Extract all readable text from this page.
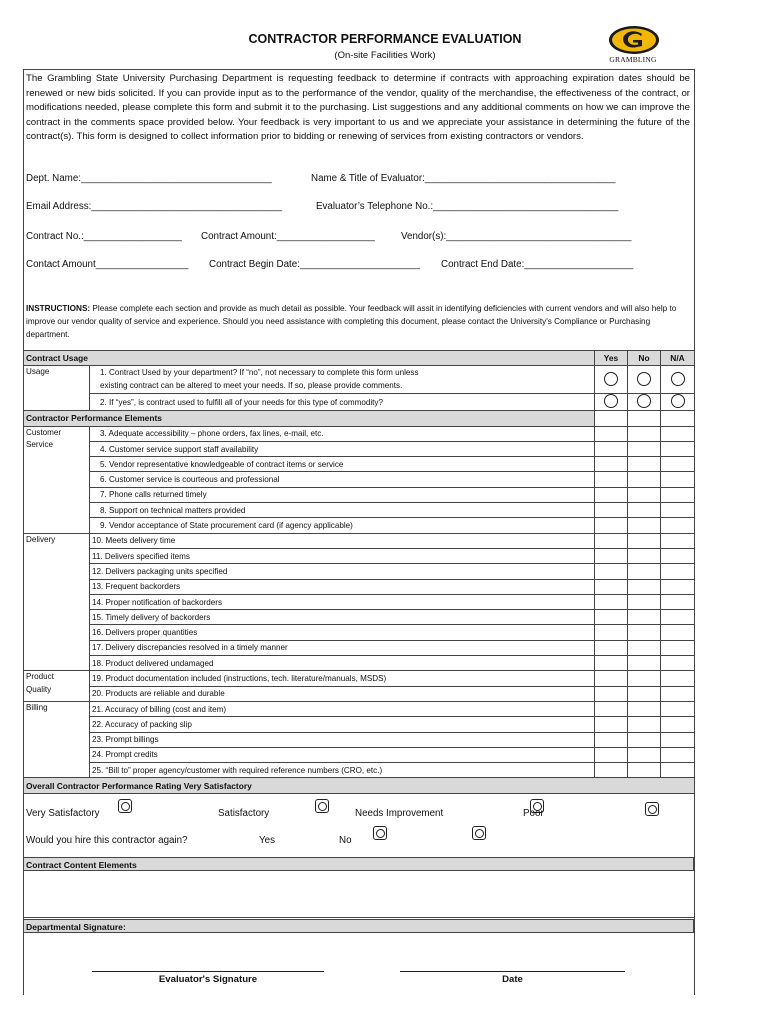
CONTRACTOR PERFORMANCE EVALUATION
(On-site Facilities Work)	GRAMBLING
The Grambling State University Purchasing Department is requesting feedback to determine if contracts with approaching expiration dates should be renewed or new bids solicited. If you can provide input as to the performance of the vendor, quality of the merchandise, the effectiveness of the contract, or modifications needed, please complete this form and submit it to the purchasing. List suggestions and any additional comments on how we can improve the contract in the comments space provided below. Your feedback is very important to us and we appreciate your assistance in determining the future of the contract(s). This form is designed to collect information prior to bidding or renewing of services from existing contractors or vendors.
Dept. Name:___________________________________	Name & Title of Evaluator:___________________________________
Email Address:___________________________________	Evaluator’s Telephone No.:__________________________________
Contract No.:__________________ Contract Amount:__________________	Vendor(s):__________________________________
Contact Amount_________________ Contract Begin Date:______________________ Contract End Date:____________________
INSTRUCTIONS: Please complete each section and provide as much detail as possible. Your feedback will assit in identifying deficiencies with current vendors and will also help to improve our vendor quality of service and experience. Should you need assistance with completing this document, please contact the University's Compliance or Purchasing department.
Contract Usage		Yes	No	N/A
Usage	1. Contract Used by your department? If “no”, not necessary to complete this form unless
existing contract can be altered to meet your needs. If so, please provide comments.			

	2. If “yes”, is contract used to fulfill all of your needs for this type of commodity?			
Contractor Performance Elements				

Customer
Service	3. Adequate accessibility – phone orders, fax lines, e-mail, etc.			
	4. Customer service support staff availability			
	5. Vendor representative knowledgeable of contract items or service			
	6. Customer service is courteous and professional			
	7. Phone calls returned timely			
	8. Support on technical matters provided			
	9. Vendor acceptance of State procurement card (if agency applicable)			
Delivery	10. Meets delivery time			
	11. Delivers specified items			
	12. Delivers packaging units specified			
	13. Frequent backorders			
	14. Proper notification of backorders			
	15. Timely delivery of backorders			
	16. Delivers proper quantities			
	17. Delivery discrepancies resolved in a timely manner			
	18. Product delivered undamaged			

Product
Quality	19. Product documentation included (instructions, tech. literature/manuals, MSDS)			
	20. Products are reliable and durable			
Billing	21. Accuracy of billing (cost and item)			
	22. Accuracy of packing slip			
	23. Prompt billings			
	24. Prompt credits			
	25. “Bill to” proper agency/customer with required reference numbers (CRO, etc.)			
Overall Contractor Performance Rating Very Satisfactory				
Very Satisfactory
	Satisfactory
	Needs Improvement
	Poor

Would you hire this contractor again?	Yes
	No
Contract Content Elements
Departmental Signature:
Evaluator's Signature	Date
